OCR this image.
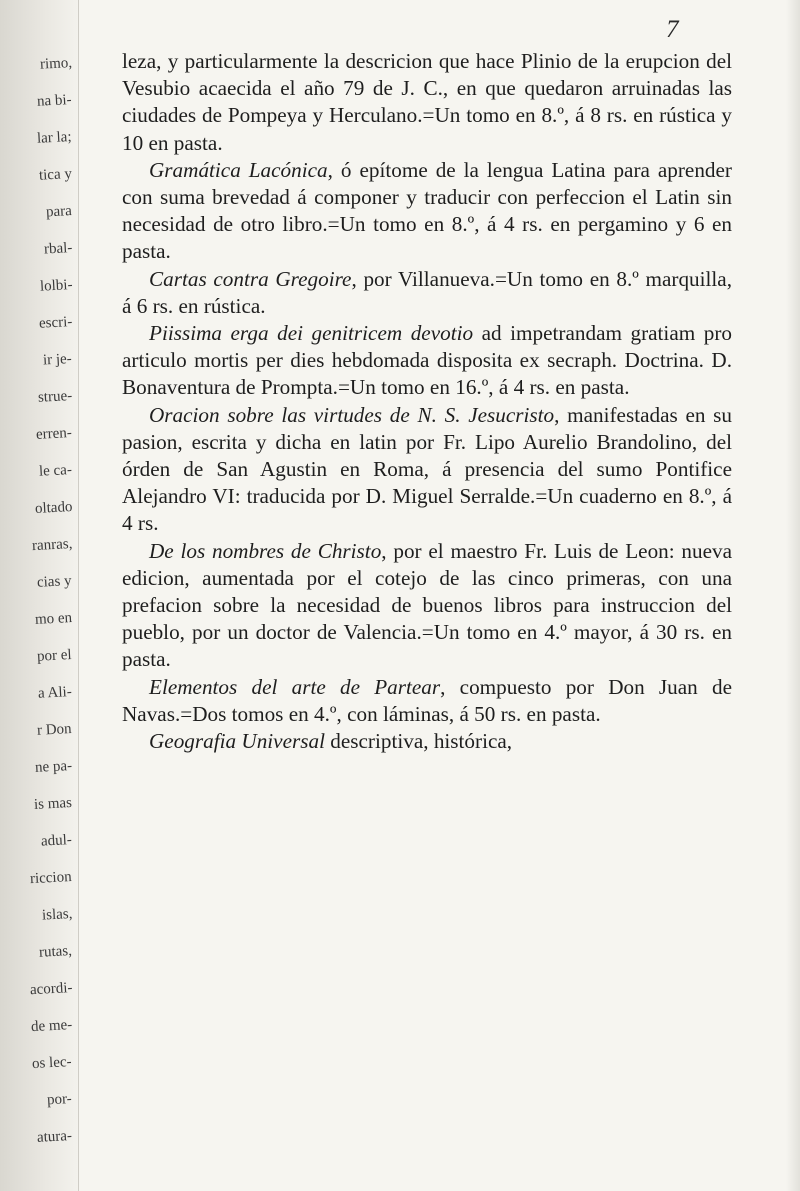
rimo,
na bi-
lar la;
tica y
para
rbal-
lolbi-
escri-
ir je-
strue-
erren-
le ca-
oltado
ranras,
cias y
mo en
por el
a Ali-
r Don
ne pa-
is mas
adul-
riccion
islas,
rutas,
acordi-
de me-
os lec-
por-
atura-
7

leza, y particularmente la descricion que hace Plinio de la erupcion del Vesubio acaecida el año 79 de J. C., en que quedaron arruinadas las ciudades de Pompeya y Herculano.=Un tomo en 8.º, á 8 rs. en rústica y 10 en pasta.

Gramática Lacónica, ó epítome de la lengua Latina para aprender con suma brevedad á componer y traducir con perfeccion el Latin sin necesidad de otro libro.=Un tomo en 8.º, á 4 rs. en pergamino y 6 en pasta.

Cartas contra Gregoire, por Villanueva.=Un tomo en 8.º marquilla, á 6 rs. en rústica.

Piissima erga dei genitricem devotio ad impetrandam gratiam pro articulo mortis per dies hebdomada disposita ex secraph. Doctrina. D. Bonaventura de Prompta.=Un tomo en 16.º, á 4 rs. en pasta.

Oracion sobre las virtudes de N. S. Jesucristo, manifestadas en su pasion, escrita y dicha en latin por Fr. Lipo Aurelio Brandolino, del órden de San Agustin en Roma, á presencia del sumo Pontifice Alejandro VI: traducida por D. Miguel Serralde.=Un cuaderno en 8.º, á 4 rs.

De los nombres de Christo, por el maestro Fr. Luis de Leon: nueva edicion, aumentada por el cotejo de las cinco primeras, con una prefacion sobre la necesidad de buenos libros para instruccion del pueblo, por un doctor de Valencia.=Un tomo en 4.º mayor, á 30 rs. en pasta.

Elementos del arte de Partear, compuesto por Don Juan de Navas.=Dos tomos en 4.º, con láminas, á 50 rs. en pasta.

Geografia Universal descriptiva, histórica,
